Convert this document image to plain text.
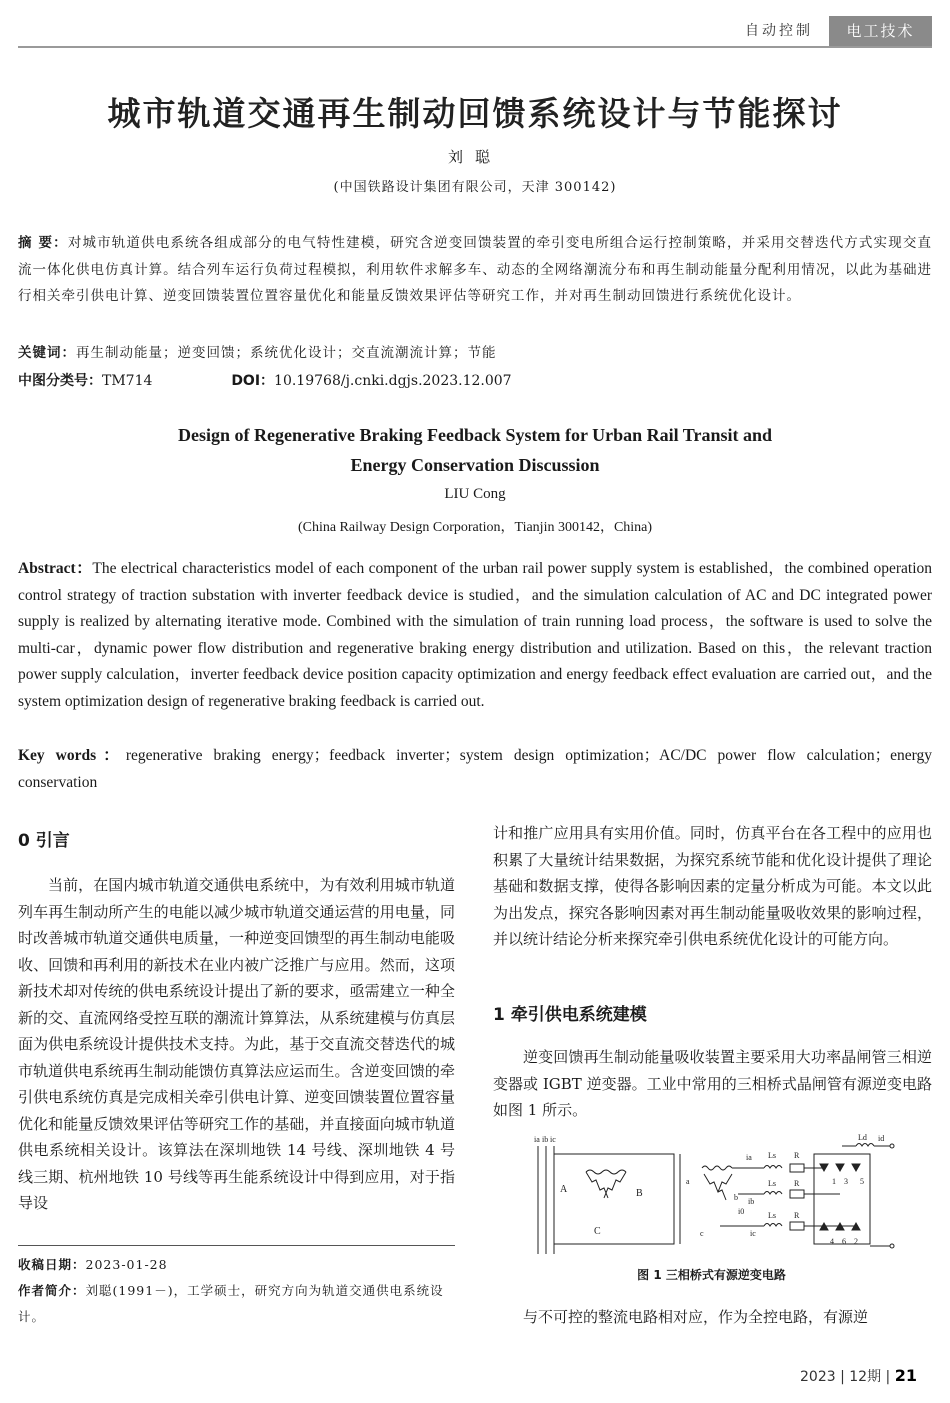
自动控制	电工技术
城市轨道交通再生制动回馈系统设计与节能探讨
刘聪
(中国铁路设计集团有限公司，天津 300142)
摘 要：对城市轨道供电系统各组成部分的电气特性建模，研究含逆变回馈装置的牵引变电所组合运行控制策略，并采用交替迭代方式实现交直流一体化供电仿真计算。结合列车运行负荷过程模拟，利用软件求解多车、动态的全网络潮流分布和再生制动能量分配利用情况，以此为基础进行相关牵引供电计算、逆变回馈装置位置容量优化和能量反馈效果评估等研究工作，并对再生制动回馈进行系统优化设计。
关键词：再生制动能量；逆变回馈；系统优化设计；交直流潮流计算；节能
中图分类号：TM714	DOI：10.19768/j.cnki.dgjs.2023.12.007
Design of Regenerative Braking Feedback System for Urban Rail Transit and
Energy Conservation Discussion
LIU Cong
(China Railway Design Corporation，Tianjin 300142，China)
Abstract：The electrical characteristics model of each component of the urban rail power supply system is established，the combined operation control strategy of traction substation with inverter feedback device is studied，and the simulation calculation of AC and DC integrated power supply is realized by alternating iterative mode. Combined with the simulation of train running load process，the software is used to solve the multi-car，dynamic power flow distribution and regenerative braking energy distribution and utilization. Based on this，the relevant traction power supply calculation，inverter feedback device position capacity optimization and energy feedback effect evaluation are carried out，and the system optimization design of regenerative braking feedback is carried out.
Key words：regenerative braking energy；feedback inverter；system design optimization；AC/DC power flow calculation；energy conservation
0 引言
当前，在国内城市轨道交通供电系统中，为有效利用城市轨道列车再生制动所产生的电能以减少城市轨道交通运营的用电量，同时改善城市轨道交通供电质量，一种逆变回馈型的再生制动电能吸收、回馈和再利用的新技术在业内被广泛推广与应用。然而，这项新技术却对传统的供电系统设计提出了新的要求，亟需建立一种全新的交、直流网络受控互联的潮流计算算法，从系统建模与仿真层面为供电系统设计提供技术支持。为此，基于交直流交替迭代的城市轨道供电系统再生制动能馈仿真算法应运而生。含逆变回馈的牵引供电系统仿真是完成相关牵引供电计算、逆变回馈装置位置容量优化和能量反馈效果评估等研究工作的基础，并直接面向城市轨道供电系统相关设计。该算法在深圳地铁 14 号线、深圳地铁 4 号线三期、杭州地铁 10 号线等再生能系统设计中得到应用，对于指导设
收稿日期：2023-01-28
作者简介：刘聪(1991－)，工学硕士，研究方向为轨道交通供电系统设计。
计和推广应用具有实用价值。同时，仿真平台在各工程中的应用也积累了大量统计结果数据，为探究系统节能和优化设计提供了理论基础和数据支撑，使得各影响因素的定量分析成为可能。本文以此为出发点，探究各影响因素对再生制动能量吸收效果的影响过程，并以统计结论分析来探究牵引供电系统优化设计的可能方向。
1 牵引供电系统建模
逆变回馈再生制动能量吸收装置主要采用大功率晶闸管三相逆变器或 IGBT 逆变器。工业中常用的三相桥式晶闸管有源逆变电路如图 1 所示。
ia ib ic
A	B
C
a
b
c
i0
ia Ls R
Ls R
ib
Ls R
ic
1 3 5
4 6 2
Ld id
图 1 三相桥式有源逆变电路
与不可控的整流电路相对应，作为全控电路，有源逆
2023 | 12期 | 21
